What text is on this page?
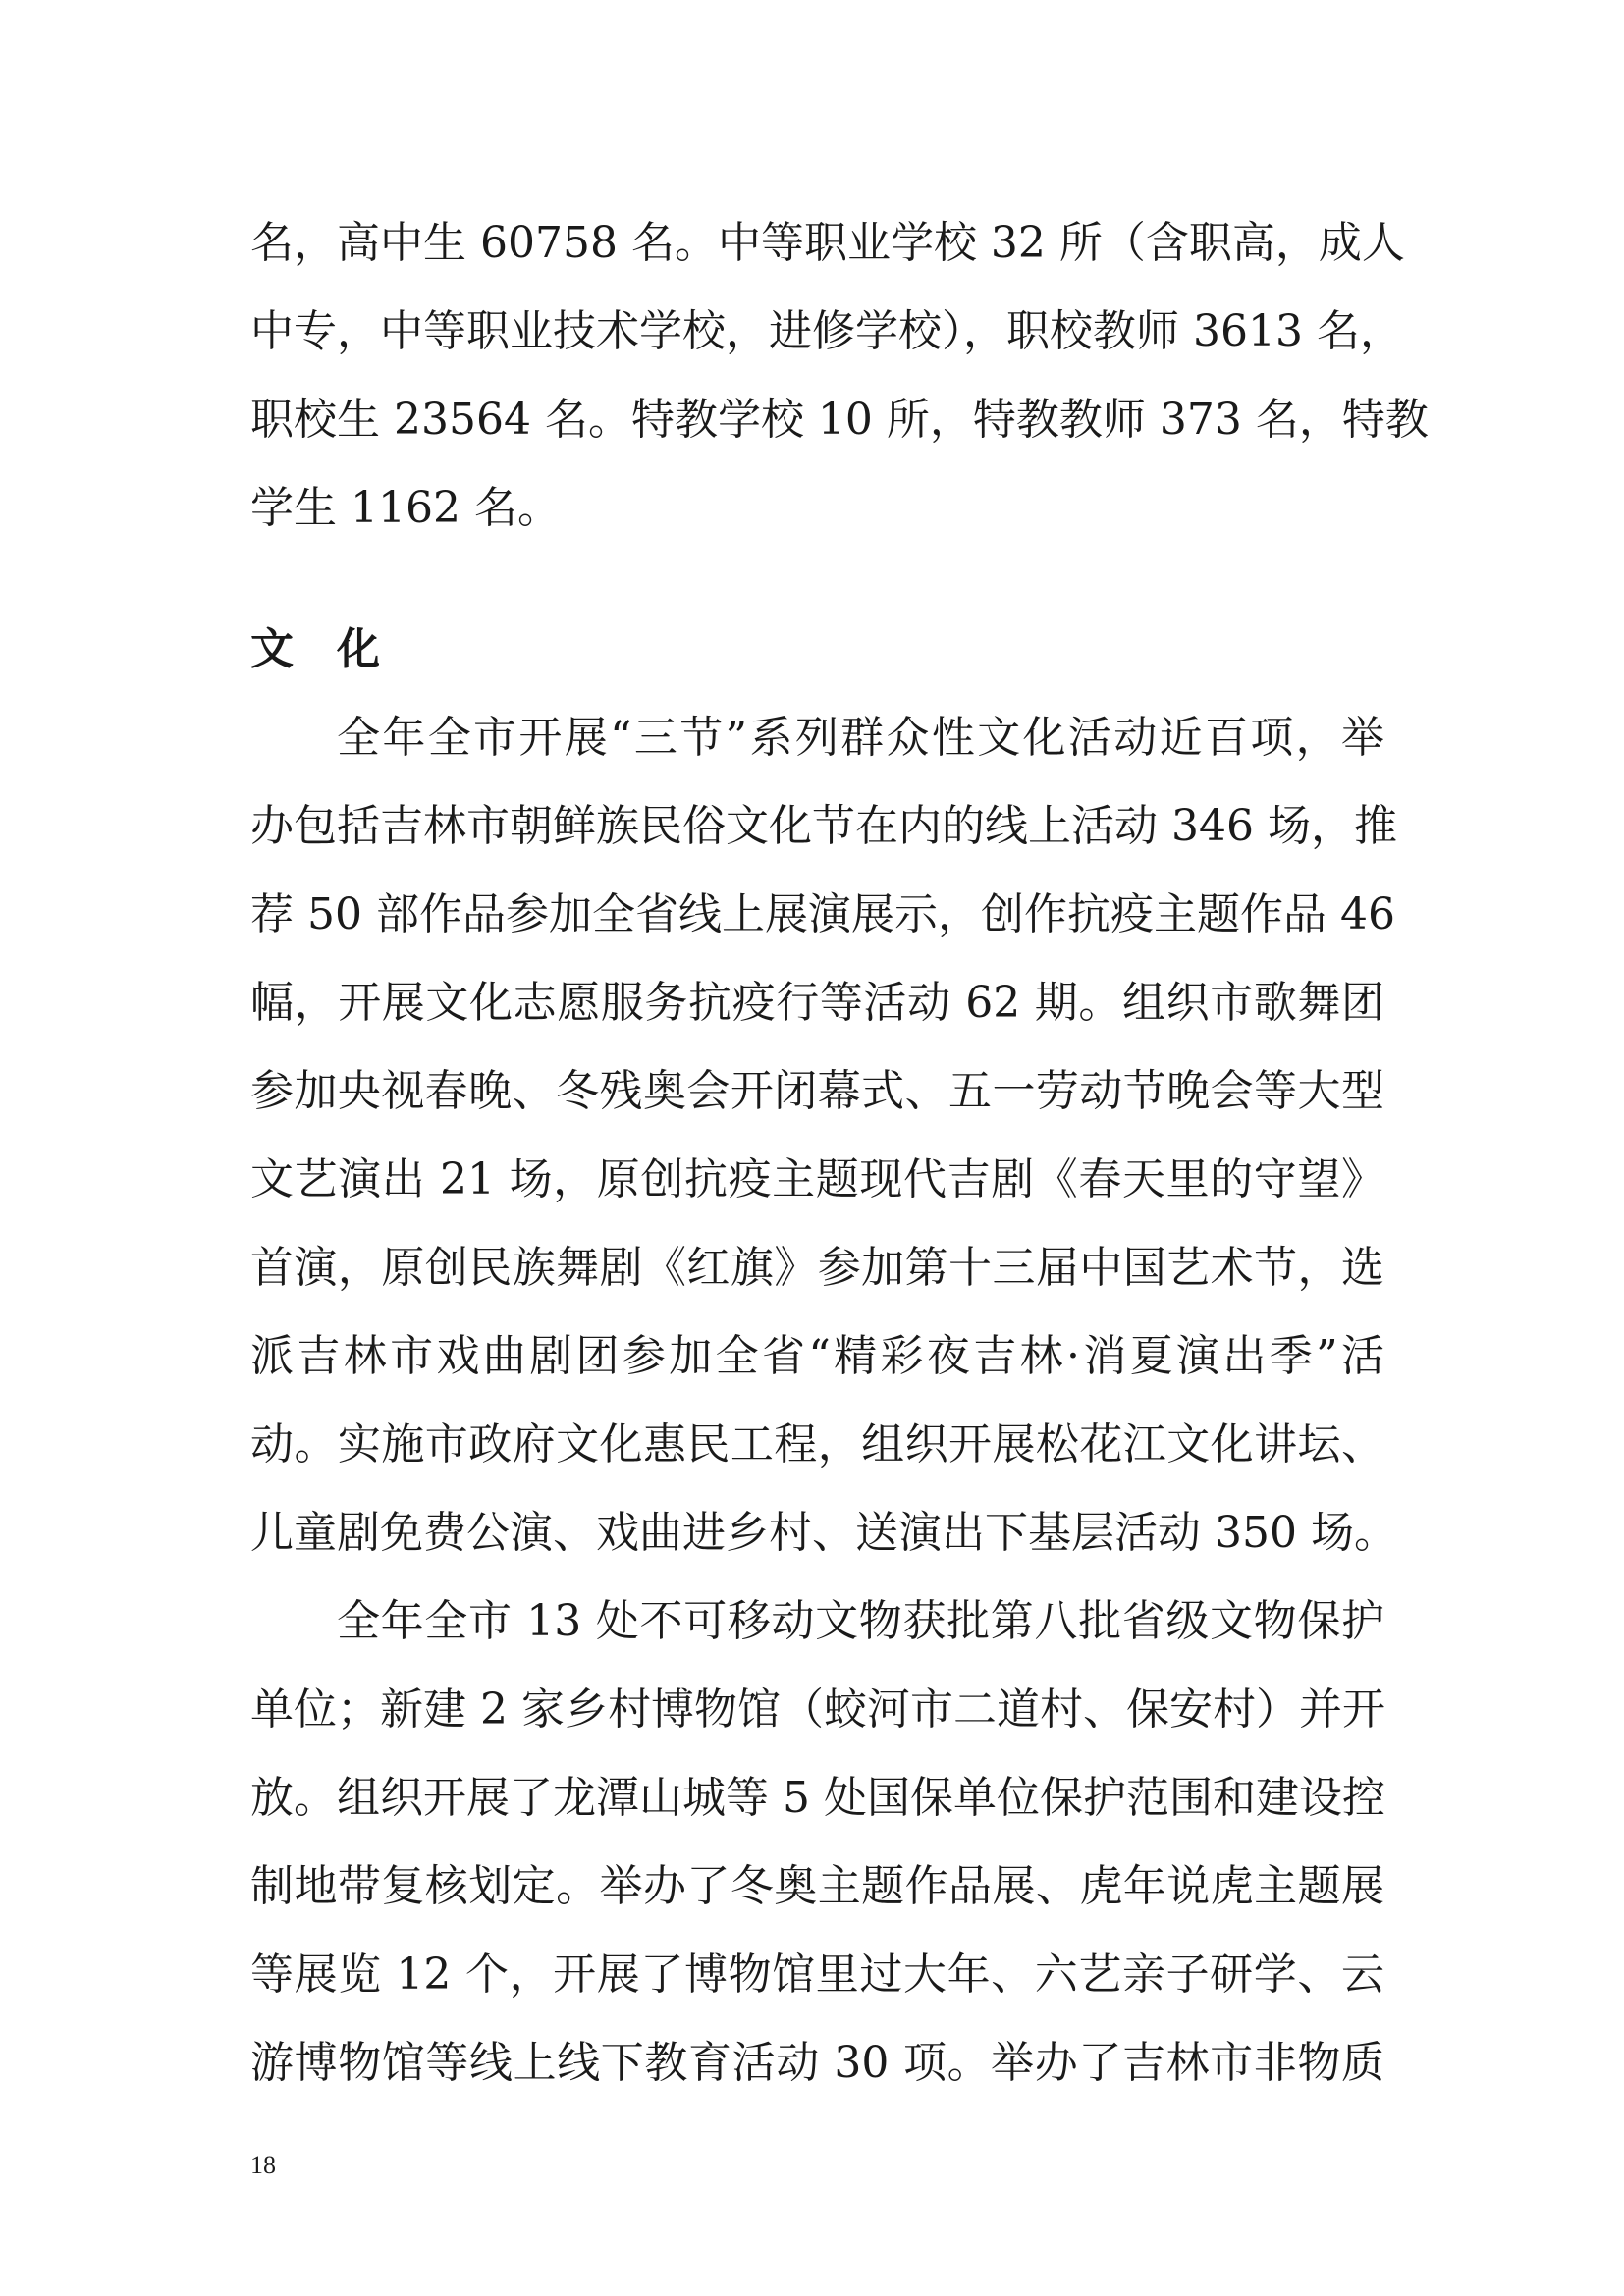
名，高中生 60758 名。中等职业学校 32 所（含职高，成人
中专，中等职业技术学校，进修学校），职校教师 3613 名，
职校生 23564 名。特教学校 10 所，特教教师 373 名，特教
学生 1162 名。
文化
全年全市开展“三节”系列群众性文化活动近百项，举
办包括吉林市朝鲜族民俗文化节在内的线上活动 346 场，推
荐 50 部作品参加全省线上展演展示，创作抗疫主题作品 46
幅，开展文化志愿服务抗疫行等活动 62 期。组织市歌舞团
参加央视春晚、冬残奥会开闭幕式、五一劳动节晚会等大型
文艺演出 21 场，原创抗疫主题现代吉剧《春天里的守望》
首演，原创民族舞剧《红旗》参加第十三届中国艺术节，选
派吉林市戏曲剧团参加全省“精彩夜吉林·消夏演出季”活
动。实施市政府文化惠民工程，组织开展松花江文化讲坛、
儿童剧免费公演、戏曲进乡村、送演出下基层活动 350 场。
全年全市 13 处不可移动文物获批第八批省级文物保护
单位；新建 2 家乡村博物馆（蛟河市二道村、保安村）并开
放。组织开展了龙潭山城等 5 处国保单位保护范围和建设控
制地带复核划定。举办了冬奥主题作品展、虎年说虎主题展
等展览 12 个，开展了博物馆里过大年、六艺亲子研学、云
游博物馆等线上线下教育活动 30 项。举办了吉林市非物质
18
